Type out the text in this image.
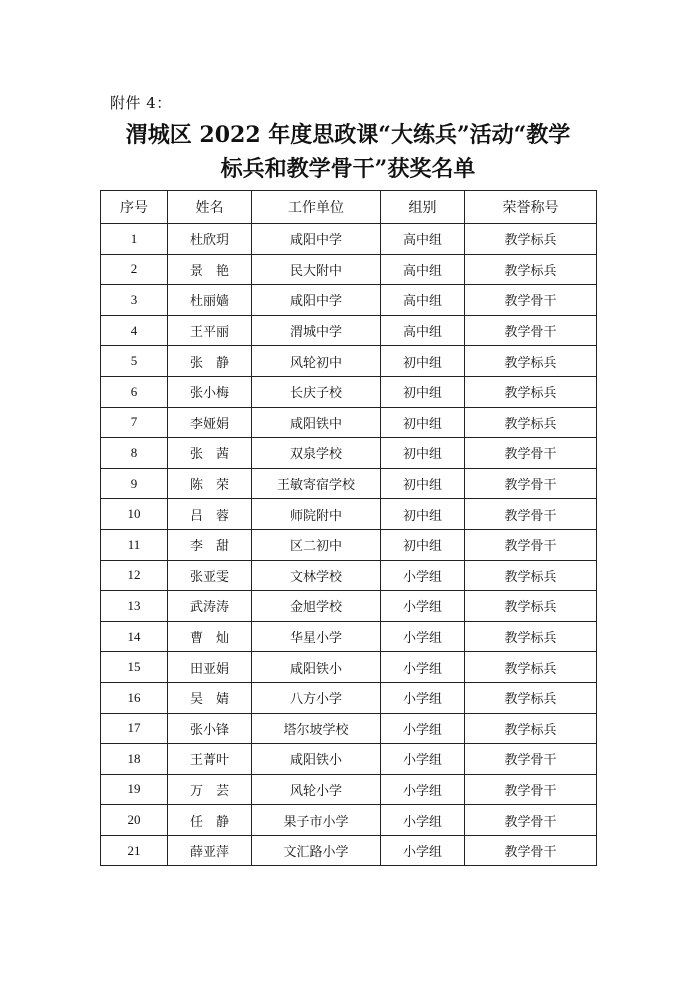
附件 4：
渭城区 2022 年度思政课“大练兵”活动“教学
标兵和教学骨干”获奖名单
序号	姓名	工作单位	组别	荣誉称号
1	杜欣玥	咸阳中学	高中组	教学标兵
2	景　艳	民大附中	高中组	教学标兵
3	杜丽嫱	咸阳中学	高中组	教学骨干
4	王平丽	渭城中学	高中组	教学骨干
5	张　静	风轮初中	初中组	教学标兵
6	张小梅	长庆子校	初中组	教学标兵
7	李娅娟	咸阳铁中	初中组	教学标兵
8	张　茜	双泉学校	初中组	教学骨干
9	陈　荣	王敏寄宿学校	初中组	教学骨干
10	吕　蓉	师院附中	初中组	教学骨干
11	李　甜	区二初中	初中组	教学骨干
12	张亚雯	文林学校	小学组	教学标兵
13	武涛涛	金旭学校	小学组	教学标兵
14	曹　灿	华星小学	小学组	教学标兵
15	田亚娟	咸阳铁小	小学组	教学标兵
16	吴　婧	八方小学	小学组	教学标兵
17	张小锋	塔尔坡学校	小学组	教学标兵
18	王菁叶	咸阳铁小	小学组	教学骨干
19	万　芸	风轮小学	小学组	教学骨干
20	任　静	果子市小学	小学组	教学骨干
21	薛亚萍	文汇路小学	小学组	教学骨干
